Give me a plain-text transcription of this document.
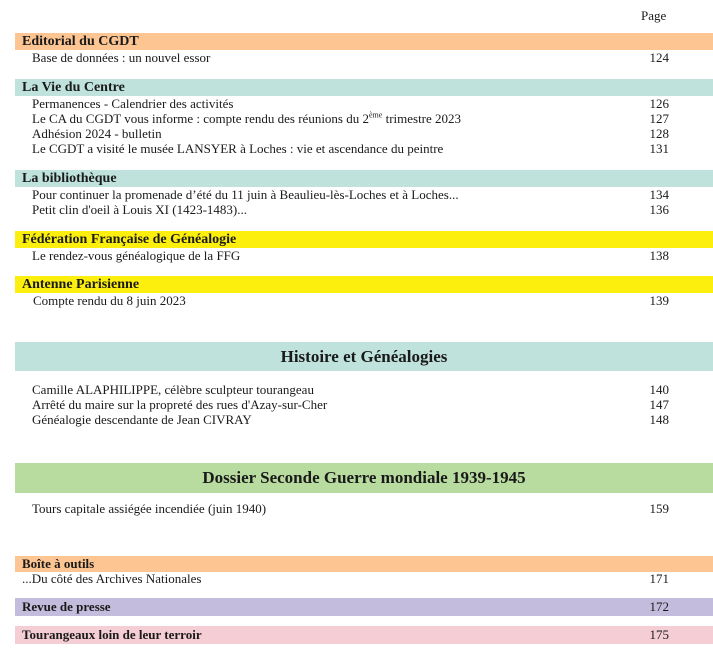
Page
Editorial du CGDT
Base de données : un nouvel essor	124
La Vie du Centre
Permanences - Calendrier des activités	126
Le CA du CGDT vous informe : compte rendu des réunions du 2ème trimestre 2023	127
Adhésion 2024 - bulletin	128
Le CGDT a visité le musée LANSYER à Loches : vie et ascendance du peintre	131
La bibliothèque
Pour continuer la promenade d’été du 11 juin à Beaulieu-lès-Loches et à Loches...	134
Petit clin d'oeil à Louis XI (1423-1483)...	136
Fédération Française de Généalogie
Le rendez-vous généalogique de la FFG	138
Antenne Parisienne
Compte rendu du 8 juin 2023	139
Histoire et Généalogies
Camille ALAPHILIPPE, célèbre sculpteur tourangeau	140
Arrêté du maire sur la propreté des rues d'Azay-sur-Cher	147
Généalogie descendante de Jean CIVRAY	148
Dossier Seconde Guerre mondiale 1939-1945
Tours capitale assiégée incendiée (juin 1940)	159
Boîte à outils
...Du côté des Archives Nationales	171
Revue de presse	172
Tourangeaux loin de leur terroir	175
